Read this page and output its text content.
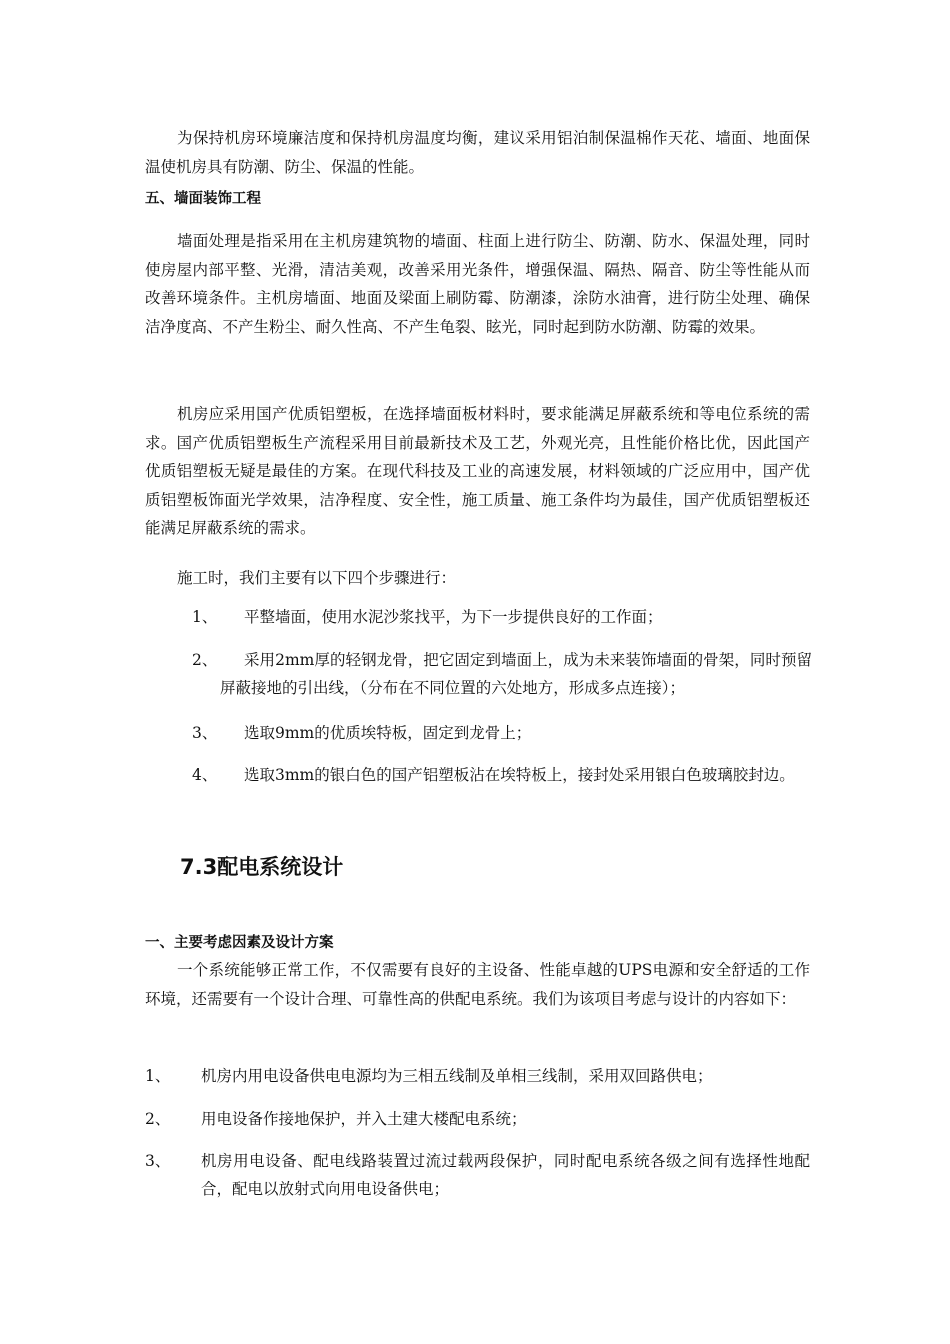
为保持机房环境廉洁度和保持机房温度均衡，建议采用铝泊制保温棉作天花、墙面、地面保温使机房具有防潮、防尘、保温的性能。

五、墙面装饰工程

墙面处理是指采用在主机房建筑物的墙面、柱面上进行防尘、防潮、防水、保温处理，同时使房屋内部平整、光滑，清洁美观，改善采用光条件，增强保温、隔热、隔音、防尘等性能从而改善环境条件。主机房墙面、地面及梁面上刷防霉、防潮漆，涂防水油膏，进行防尘处理、确保洁净度高、不产生粉尘、耐久性高、不产生龟裂、眩光，同时起到防水防潮、防霉的效果。

机房应采用国产优质铝塑板，在选择墙面板材料时，要求能满足屏蔽系统和等电位系统的需求。国产优质铝塑板生产流程采用目前最新技术及工艺，外观光亮，且性能价格比优，因此国产优质铝塑板无疑是最佳的方案。在现代科技及工业的高速发展，材料领域的广泛应用中，国产优质铝塑板饰面光学效果，洁净程度、安全性，施工质量、施工条件均为最佳，国产优质铝塑板还能满足屏蔽系统的需求。

施工时，我们主要有以下四个步骤进行：

1、	平整墙面，使用水泥沙浆找平，为下一步提供良好的工作面；
2、	采用2mm厚的轻钢龙骨，把它固定到墙面上，成为未来装饰墙面的骨架，同时预留屏蔽接地的引出线，（分布在不同位置的六处地方，形成多点连接）；
3、	选取9mm的优质埃特板，固定到龙骨上；
4、	选取3mm的银白色的国产铝塑板沾在埃特板上，接封处采用银白色玻璃胶封边。
7.3配电系统设计
一、主要考虑因素及设计方案

一个系统能够正常工作，不仅需要有良好的主设备、性能卓越的UPS电源和安全舒适的工作环境，还需要有一个设计合理、可靠性高的供配电系统。我们为该项目考虑与设计的内容如下：

1、 机房内用电设备供电电源均为三相五线制及单相三线制，采用双回路供电；
2、 用电设备作接地保护，并入土建大楼配电系统；
3、 机房用电设备、配电线路装置过流过载两段保护，同时配电系统各级之间有选择性地配合，配电以放射式向用电设备供电；
